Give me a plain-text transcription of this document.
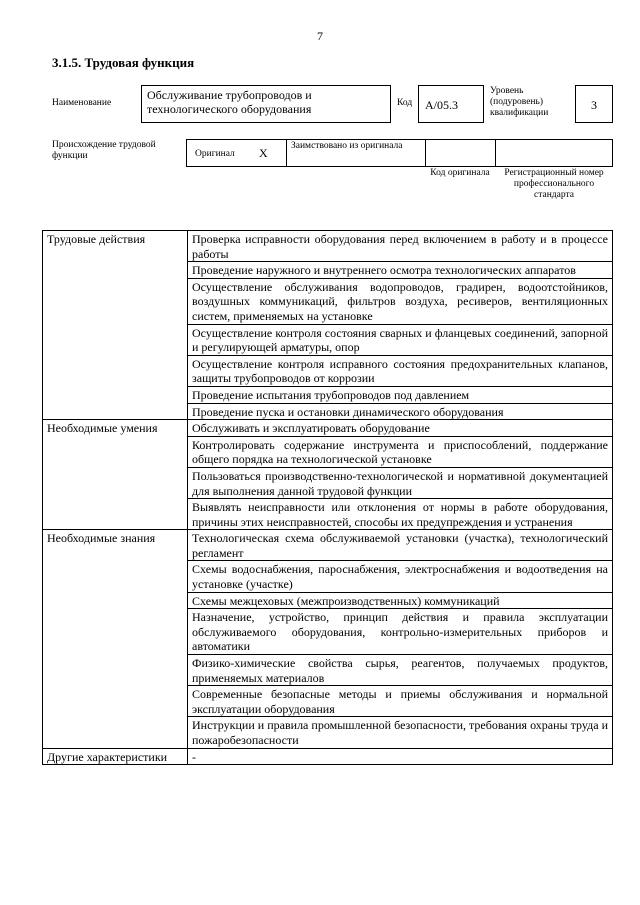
7
3.1.5. Трудовая функция
Наименование
Обслуживание трубопроводов и технологического оборудования	Код	A/05.3
Уровень (подуровень) квалификации
3
Происхождение трудовой функции	Оригинал X Заимствовано из оригинала
Код оригинала	Регистрационный номер профессионального стандарта
Трудовые действия	Проверка исправности оборудования перед включением в работу и в процессе работы
	Проведение наружного и внутреннего осмотра технологических аппаратов
	Осуществление обслуживания водопроводов, градирен, водоотстойников, воздушных коммуникаций, фильтров воздуха, ресиверов, вентиляционных систем, применяемых на установке
	Осуществление контроля состояния сварных и фланцевых соединений, запорной и регулирующей арматуры, опор
	Осуществление контроля исправного состояния предохранительных клапанов, защиты трубопроводов от коррозии
	Проведение испытания трубопроводов под давлением
	Проведение пуска и остановки динамического оборудования
Необходимые умения	Обслуживать и эксплуатировать оборудование
	Контролировать содержание инструмента и приспособлений, поддержание общего порядка на технологической установке
	Пользоваться производственно-технологической и нормативной документацией для выполнения данной трудовой функции
	Выявлять неисправности или отклонения от нормы в работе оборудования, причины этих неисправностей, способы их предупреждения и устранения
Необходимые знания	Технологическая схема обслуживаемой установки (участка), технологический регламент
	Схемы водоснабжения, пароснабжения, электроснабжения и водоотведения на установке (участке)
	Схемы межцеховых (межпроизводственных) коммуникаций
	Назначение, устройство, принцип действия и правила эксплуатации обслуживаемого оборудования, контрольно-измерительных приборов и автоматики
	Физико-химические свойства сырья, реагентов, получаемых продуктов, применяемых материалов
	Современные безопасные методы и приемы обслуживания и нормальной эксплуатации оборудования
	Инструкции и правила промышленной безопасности, требования охраны труда и пожаробезопасности
Другие характеристики	-
